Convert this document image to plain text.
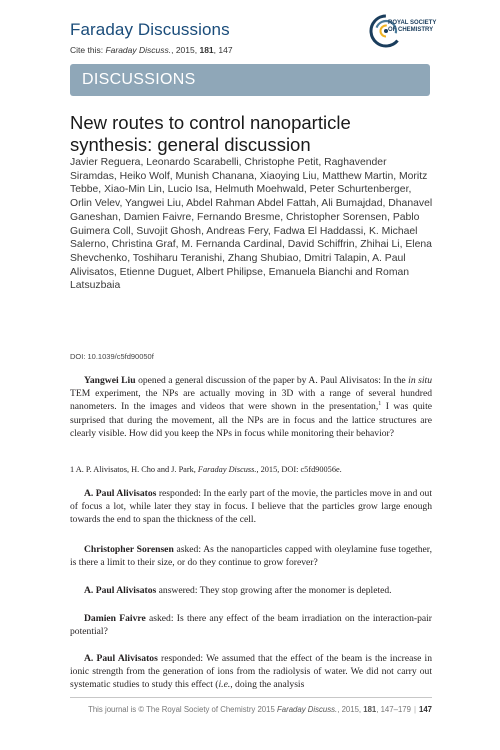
Faraday Discussions
Cite this: Faraday Discuss., 2015, 181, 147
ROYAL SOCIETY
OF CHEMISTRY
DISCUSSIONS
New routes to control nanoparticle synthesis: general discussion

Javier Reguera, Leonardo Scarabelli, Christophe Petit, Raghavender Siramdas, Heiko Wolf, Munish Chanana, Xiaoying Liu, Matthew Martin, Moritz Tebbe, Xiao-Min Lin, Lucio Isa, Helmuth Moehwald, Peter Schurtenberger, Orlin Velev, Yangwei Liu, Abdel Rahman Abdel Fattah, Ali Bumajdad, Dhanavel Ganeshan, Damien Faivre, Fernando Bresme, Christopher Sorensen, Pablo Guimera Coll, Suvojit Ghosh, Andreas Fery, Fadwa El Haddassi, K. Michael Salerno, Christina Graf, M. Fernanda Cardinal, David Schiffrin, Zhihai Li, Elena Shevchenko, Toshiharu Teranishi, Zhang Shubiao, Dmitri Talapin, A. Paul Alivisatos, Etienne Duguet, Albert Philipse, Emanuela Bianchi and Roman Latsuzbaia

DOI: 10.1039/c5fd90050f

Yangwei Liu opened a general discussion of the paper by A. Paul Alivisatos: In the in situ TEM experiment, the NPs are actually moving in 3D with a range of several hundred nanometers. In the images and videos that were shown in the presentation,$^1$ I was quite surprised that during the movement, all the NPs are in focus and the lattice structures are clearly visible. How did you keep the NPs in focus while monitoring their behavior?

1 A. P. Alivisatos, H. Cho and J. Park, Faraday Discuss., 2015, DOI: c5fd90056e.

A. Paul Alivisatos responded: In the early part of the movie, the particles move in and out of focus a lot, while later they stay in focus. I believe that the particles grow large enough towards the end to span the thickness of the cell.

Christopher Sorensen asked: As the nanoparticles capped with oleylamine fuse together, is there a limit to their size, or do they continue to grow forever?

A. Paul Alivisatos answered: They stop growing after the monomer is depleted.

Damien Faivre asked: Is there any effect of the beam irradiation on the interaction-pair potential?

A. Paul Alivisatos responded: We assumed that the effect of the beam is the increase in ionic strength from the generation of ions from the radiolysis of water. We did not carry out systematic studies to study this effect (i.e., doing the analysis

This journal is © The Royal Society of Chemistry 2015 Faraday Discuss., 2015, 181, 147–179 | 147
